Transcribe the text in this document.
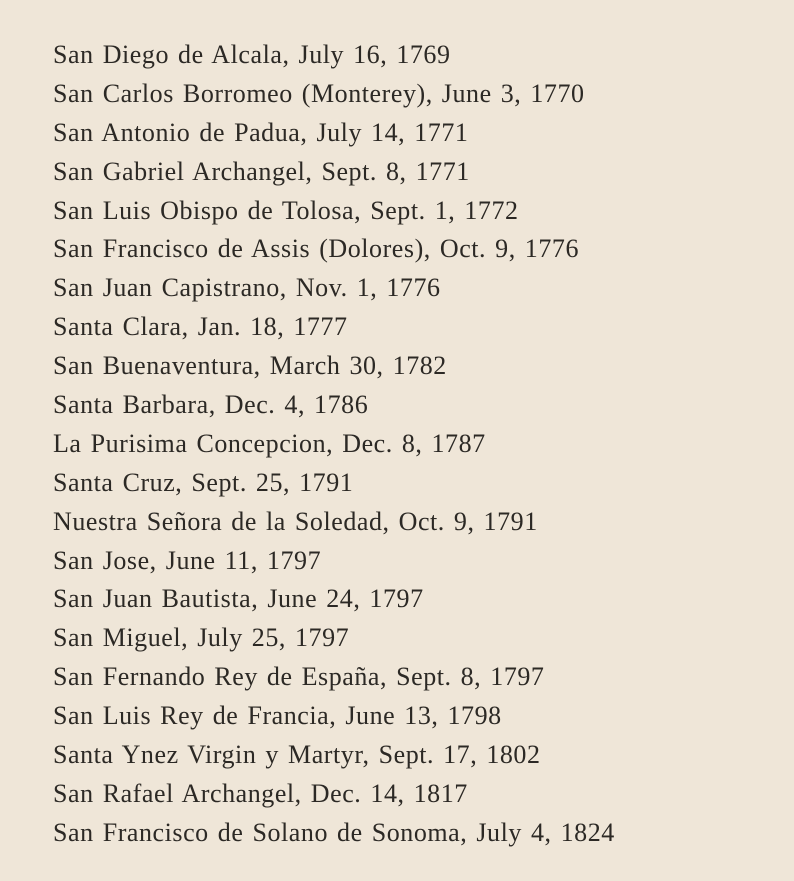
San Diego de Alcala, July 16, 1769
San Carlos Borromeo (Monterey), June 3, 1770
San Antonio de Padua, July 14, 1771
San Gabriel Archangel, Sept. 8, 1771
San Luis Obispo de Tolosa, Sept. 1, 1772
San Francisco de Assis (Dolores), Oct. 9, 1776
San Juan Capistrano, Nov. 1, 1776
Santa Clara, Jan. 18, 1777
San Buenaventura, March 30, 1782
Santa Barbara, Dec. 4, 1786
La Purisima Concepcion, Dec. 8, 1787
Santa Cruz, Sept. 25, 1791
Nuestra Señora de la Soledad, Oct. 9, 1791
San Jose, June 11, 1797
San Juan Bautista, June 24, 1797
San Miguel, July 25, 1797
San Fernando Rey de España, Sept. 8, 1797
San Luis Rey de Francia, June 13, 1798
Santa Ynez Virgin y Martyr, Sept. 17, 1802
San Rafael Archangel, Dec. 14, 1817
San Francisco de Solano de Sonoma, July 4, 1824
